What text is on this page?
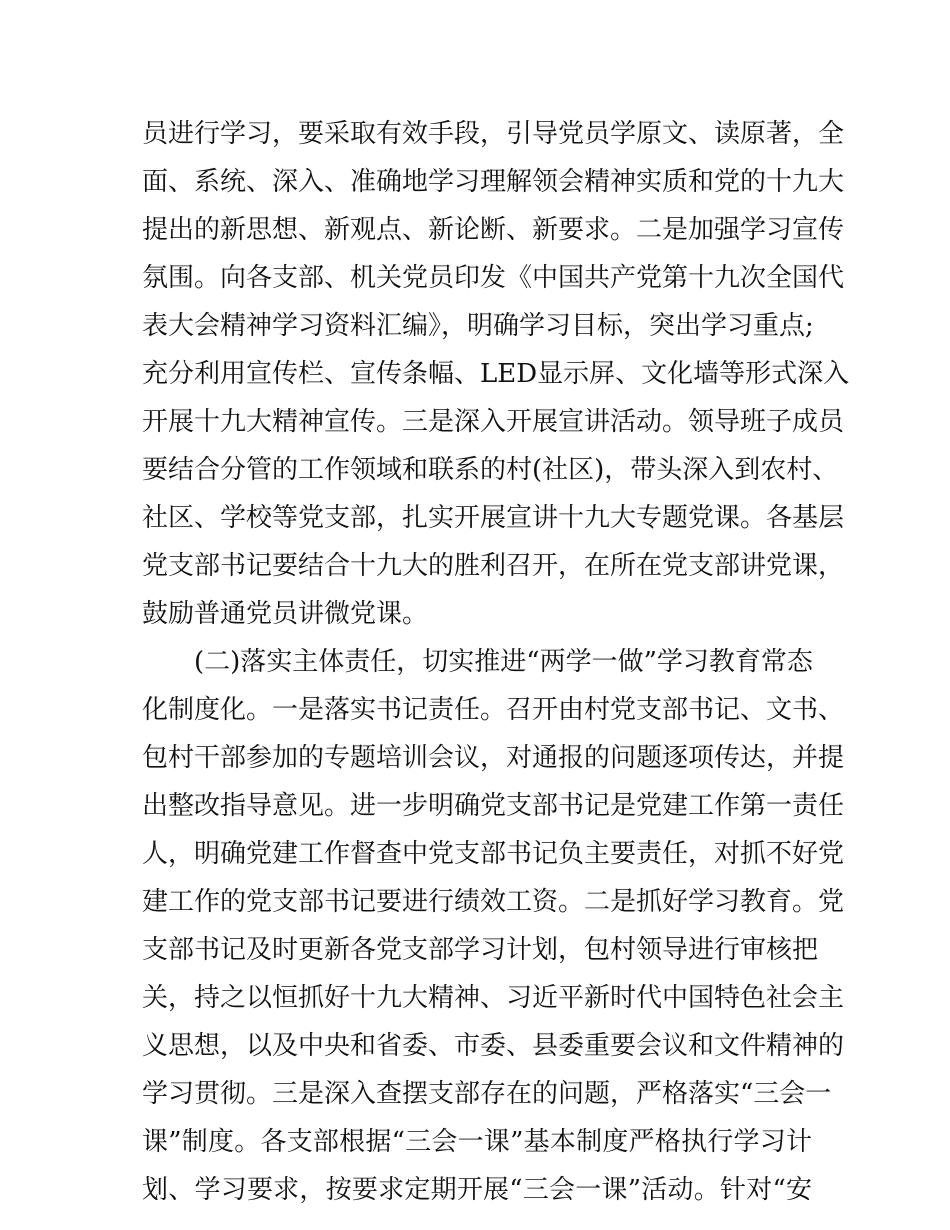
员进行学习，要采取有效手段，引导党员学原文、读原著，全
面、系统、深入、准确地学习理解领会精神实质和党的十九大
提出的新思想、新观点、新论断、新要求。二是加强学习宣传
氛围。向各支部、机关党员印发《中国共产党第十九次全国代
表大会精神学习资料汇编》，明确学习目标，突出学习重点;
充分利用宣传栏、宣传条幅、LED显示屏、文化墙等形式深入
开展十九大精神宣传。三是深入开展宣讲活动。领导班子成员
要结合分管的工作领域和联系的村(社区)，带头深入到农村、
社区、学校等党支部，扎实开展宣讲十九大专题党课。各基层
党支部书记要结合十九大的胜利召开，在所在党支部讲党课，
鼓励普通党员讲微党课。
(二)落实主体责任，切实推进“两学一做”学习教育常态
化制度化。一是落实书记责任。召开由村党支部书记、文书、
包村干部参加的专题培训会议，对通报的问题逐项传达，并提
出整改指导意见。进一步明确党支部书记是党建工作第一责任
人，明确党建工作督查中党支部书记负主要责任，对抓不好党
建工作的党支部书记要进行绩效工资。二是抓好学习教育。党
支部书记及时更新各党支部学习计划，包村领导进行审核把
关，持之以恒抓好十九大精神、习近平新时代中国特色社会主
义思想，以及中央和省委、市委、县委重要会议和文件精神的
学习贯彻。三是深入查摆支部存在的问题，严格落实“三会一
课”制度。各支部根据“三会一课”基本制度严格执行学习计
划、学习要求，按要求定期开展“三会一课”活动。针对“安
